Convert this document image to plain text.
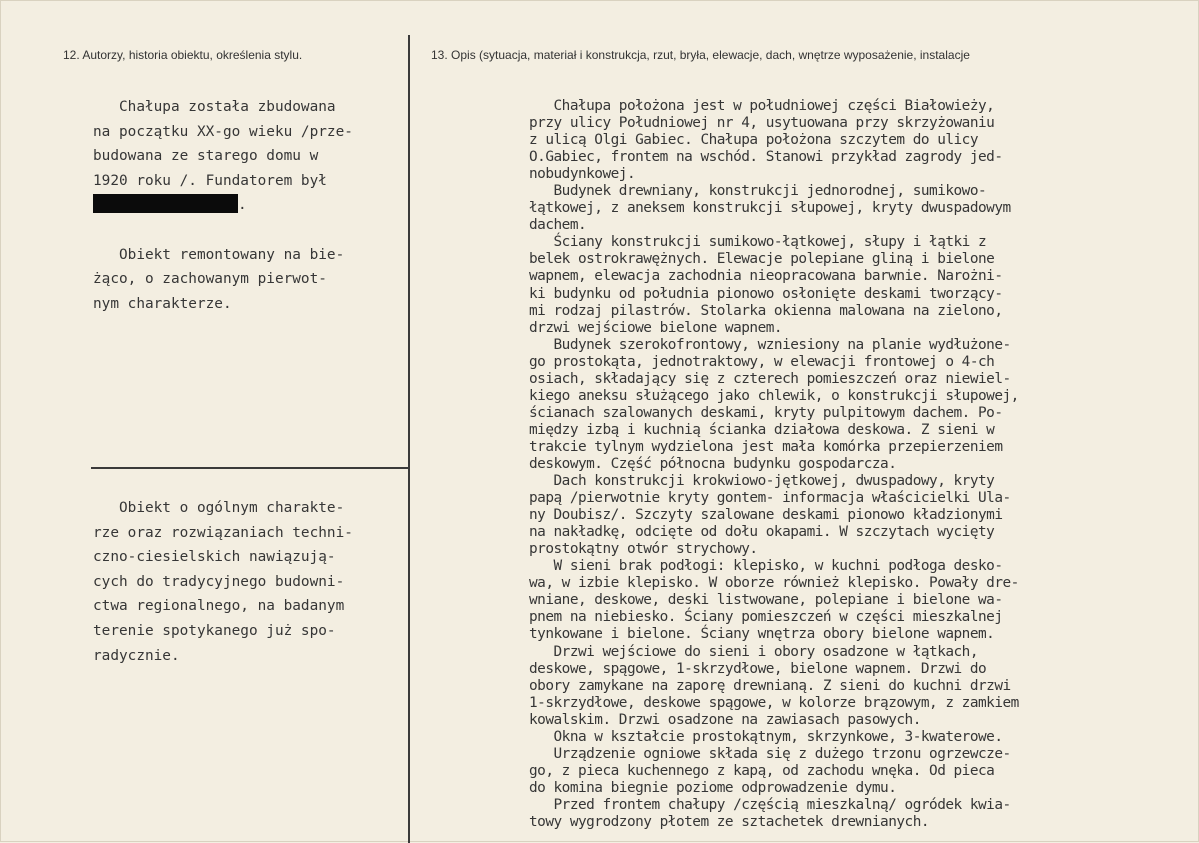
12. Autorzy, historia obiektu, określenia stylu.	13. Opis (sytuacja, materiał i konstrukcja, rzut, bryła, elewacje, dach, wnętrze wyposażenie, instalacje
Chałupa została zbudowana
na początku XX-go wieku /prze-
budowana ze starego domu w
1920 roku /. Fundatorem był
.

Obiekt remontowany na bie-
żąco, o zachowanym pierwot-
nym charakterze.
Obiekt o ogólnym charakte-
rze oraz rozwiązaniach techni-
czno-ciesielskich nawiązują-
cych do tradycyjnego budowni-
ctwa regionalnego, na badanym
terenie spotykanego już spo-
radycznie.
Chałupa położona jest w południowej części Białowieży,
przy ulicy Południowej nr 4, usytuowana przy skrzyżowaniu
z ulicą Olgi Gabiec. Chałupa położona szczytem do ulicy
O.Gabiec, frontem na wschód. Stanowi przykład zagrody jed-
nobudynkowej.
Budynek drewniany, konstrukcji jednorodnej, sumikowo-
łątkowej, z aneksem konstrukcji słupowej, kryty dwuspadowym
dachem.
Ściany konstrukcji sumikowo-łątkowej, słupy i łątki z
belek ostrokrawężnych. Elewacje polepiane gliną i bielone
wapnem, elewacja zachodnia nieopracowana barwnie. Narożni-
ki budynku od południa pionowo osłonięte deskami tworzący-
mi rodzaj pilastrów. Stolarka okienna malowana na zielono,
drzwi wejściowe bielone wapnem.
Budynek szerokofrontowy, wzniesiony na planie wydłużone-
go prostokąta, jednotraktowy, w elewacji frontowej o 4-ch
osiach, składający się z czterech pomieszczeń oraz niewiel-
kiego aneksu służącego jako chlewik, o konstrukcji słupowej,
ścianach szalowanych deskami, kryty pulpitowym dachem. Po-
między izbą i kuchnią ścianka działowa deskowa. Z sieni w
trakcie tylnym wydzielona jest mała komórka przepierzeniem
deskowym. Część północna budynku gospodarcza.
Dach konstrukcji krokwiowo-jętkowej, dwuspadowy, kryty
papą /pierwotnie kryty gontem- informacja właścicielki Ula-
ny Doubisz/. Szczyty szalowane deskami pionowo kładzionymi
na nakładkę, odcięte od dołu okapami. W szczytach wycięty
prostokątny otwór strychowy.
W sieni brak podłogi: klepisko, w kuchni podłoga desko-
wa, w izbie klepisko. W oborze również klepisko. Powały dre-
wniane, deskowe, deski listwowane, polepiane i bielone wa-
pnem na niebiesko. Ściany pomieszczeń w części mieszkalnej
tynkowane i bielone. Ściany wnętrza obory bielone wapnem.
Drzwi wejściowe do sieni i obory osadzone w łątkach,
deskowe, spągowe, 1-skrzydłowe, bielone wapnem. Drzwi do
obory zamykane na zaporę drewnianą. Z sieni do kuchni drzwi
1-skrzydłowe, deskowe spągowe, w kolorze brązowym, z zamkiem
kowalskim. Drzwi osadzone na zawiasach pasowych.
Okna w kształcie prostokątnym, skrzynkowe, 3-kwaterowe.
Urządzenie ogniowe składa się z dużego trzonu ogrzewcze-
go, z pieca kuchennego z kapą, od zachodu wnęka. Od pieca
do komina biegnie poziome odprowadzenie dymu.
Przed frontem chałupy /częścią mieszkalną/ ogródek kwia-
towy wygrodzony płotem ze sztachetek drewnianych.
